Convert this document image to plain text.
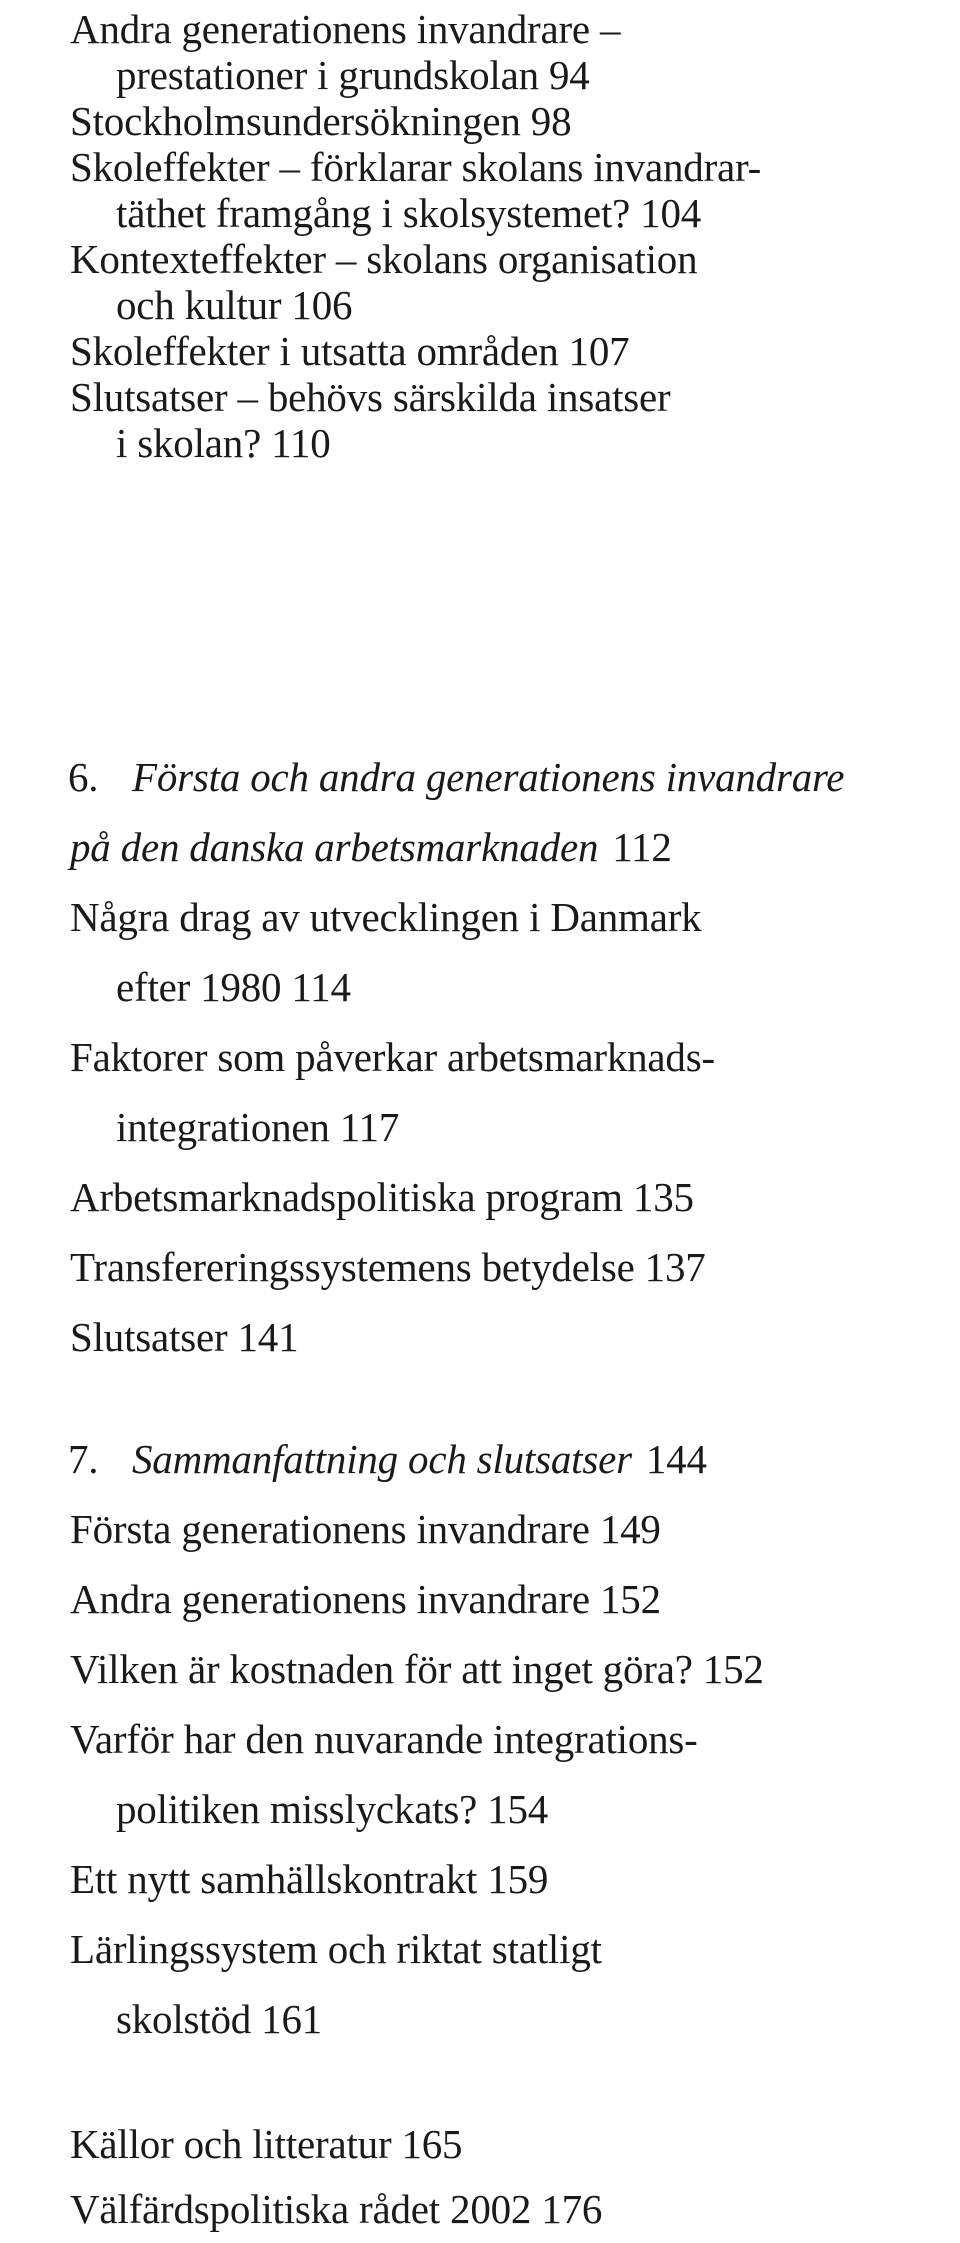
Andra generationens invandrare –
prestationer i grundskolan 94
Stockholmsundersökningen 98
Skoleffekter – förklarar skolans invandrar-
täthet framgång i skolsystemet? 104
Kontexteffekter – skolans organisation
och kultur 106
Skoleffekter i utsatta områden 107
Slutsatser – behövs särskilda insatser
i skolan? 110
6. Första och andra generationens invandrare
på den danska arbetsmarknaden 112
Några drag av utvecklingen i Danmark
efter 1980 114
Faktorer som påverkar arbetsmarknads-
integrationen 117
Arbetsmarknadspolitiska program 135
Transfereringssystemens betydelse 137
Slutsatser 141
7. Sammanfattning och slutsatser 144
Första generationens invandrare 149
Andra generationens invandrare 152
Vilken är kostnaden för att inget göra? 152
Varför har den nuvarande integrations-
politiken misslyckats? 154
Ett nytt samhällskontrakt 159
Lärlingssystem och riktat statligt
skolstöd 161
Källor och litteratur 165
Välfärdspolitiska rådet 2002 176
